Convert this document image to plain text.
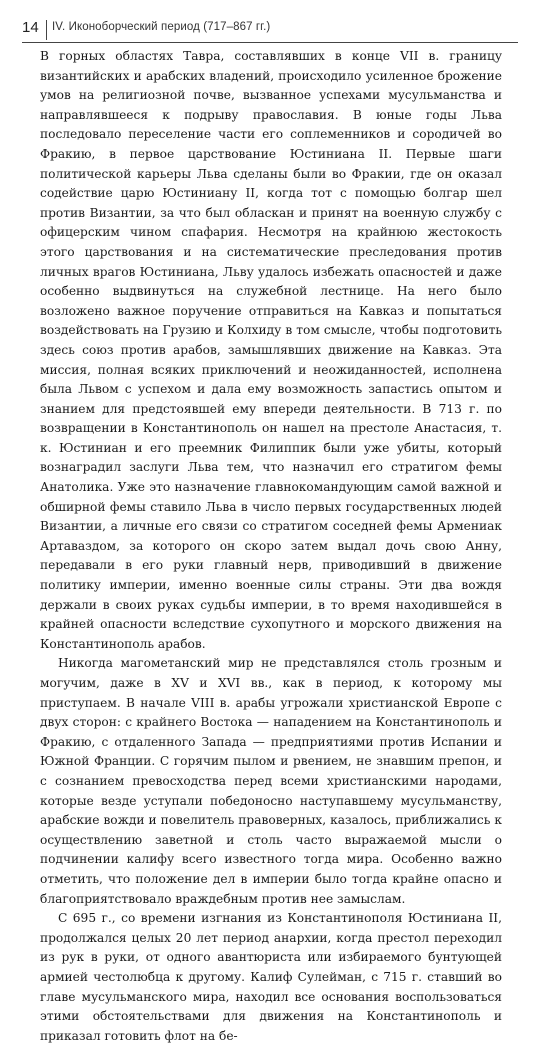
14 IV. Иконоборческий период (717–867 гг.)

В горных областях Тавра, составлявших в конце VII в. границу византийских и арабских владений, происходило усиленное брожение умов на религиозной почве, вызванное успехами мусульманства и направлявшееся к подрыву православия. В юные годы Льва последовало переселение части его соплеменников и сородичей во Фракию, в первое царствование Юстиниана II. Первые шаги политической карьеры Льва сделаны были во Фракии, где он оказал содействие царю Юстиниану II, когда тот с помощью болгар шел против Византии, за что был обласкан и принят на военную службу с офицерским чином спафария. Несмотря на крайнюю жестокость этого царствования и на систематические преследования против личных врагов Юстиниана, Льву удалось избежать опасностей и даже особенно выдвинуться на служебной лестнице. На него было возложено важное поручение отправиться на Кавказ и попытаться воздействовать на Грузию и Колхиду в том смысле, чтобы подготовить здесь союз против арабов, замышлявших движение на Кавказ. Эта миссия, полная всяких приключений и неожиданностей, исполнена была Львом с успехом и дала ему возможность запастись опытом и знанием для предстоявшей ему впереди деятельности. В 713 г. по возвращении в Константинополь он нашел на престоле Анастасия, т. к. Юстиниан и его преемник Филиппик были уже убиты, который вознаградил заслуги Льва тем, что назначил его стратигом фемы Анатолика. Уже это назначение главнокомандующим самой важной и обширной фемы ставило Льва в число первых государственных людей Византии, а личные его связи со стратигом соседней фемы Армениак Артаваздом, за которого он скоро затем выдал дочь свою Анну, передавали в его руки главный нерв, приводивший в движение политику империи, именно военные силы страны. Эти два вождя держали в своих руках судьбы империи, в то время находившейся в крайней опасности вследствие сухопутного и морского движения на Константинополь арабов.

Никогда магометанский мир не представлялся столь грозным и могучим, даже в XV и XVI вв., как в период, к которому мы приступаем. В начале VIII в. арабы угрожали христианской Европе с двух сторон: с крайнего Востока — нападением на Константинополь и Фракию, с отдаленного Запада — предприятиями против Испании и Южной Франции. С горячим пылом и рвением, не знавшим препон, и с сознанием превосходства перед всеми христианскими народами, которые везде уступали победоносно наступавшему мусульманству, арабские вожди и повелитель правоверных, казалось, приближались к осуществлению заветной и столь часто выражаемой мысли о подчинении калифу всего известного тогда мира. Особенно важно отметить, что положение дел в империи было тогда крайне опасно и благоприятствовало враждебным против нее замыслам.

С 695 г., со времени изгнания из Константинополя Юстиниана II, продолжался целых 20 лет период анархии, когда престол переходил из рук в руки, от одного авантюриста или избираемого бунтующей армией честолюбца к другому. Калиф Сулейман, с 715 г. ставший во главе мусульманского мира, находил все основания воспользоваться этими обстоятельствами для движения на Константинополь и приказал готовить флот на бе-
